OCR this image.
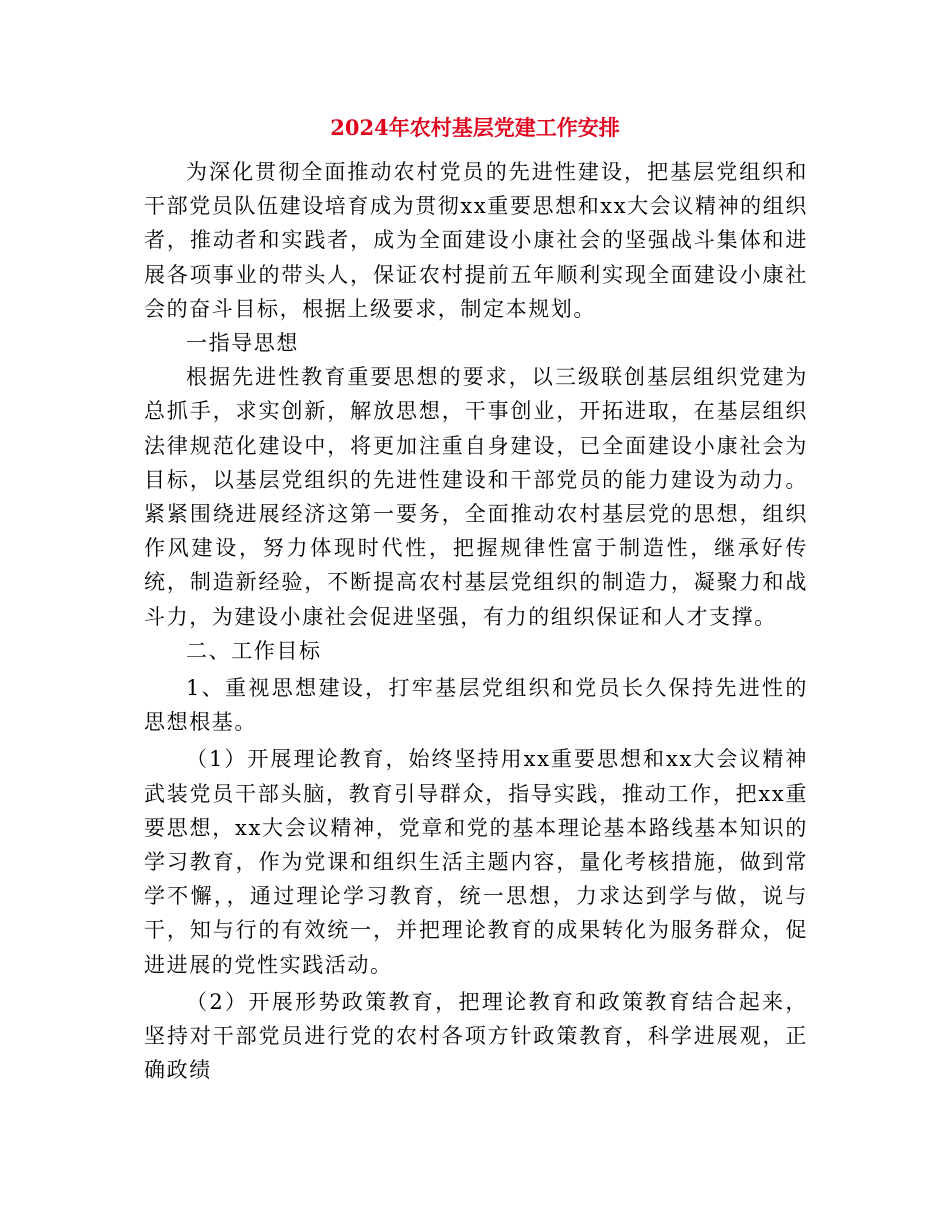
2024年农村基层党建工作安排

为深化贯彻全面推动农村党员的先进性建设，把基层党组织和干部党员队伍建设培育成为贯彻xx重要思想和xx大会议精神的组织者，推动者和实践者，成为全面建设小康社会的坚强战斗集体和进展各项事业的带头人，保证农村提前五年顺利实现全面建设小康社会的奋斗目标，根据上级要求，制定本规划。

一指导思想

根据先进性教育重要思想的要求，以三级联创基层组织党建为总抓手，求实创新，解放思想，干事创业，开拓进取，在基层组织法律规范化建设中，将更加注重自身建设，已全面建设小康社会为目标，以基层党组织的先进性建设和干部党员的能力建设为动力。紧紧围绕进展经济这第一要务，全面推动农村基层党的思想，组织作风建设，努力体现时代性，把握规律性富于制造性，继承好传统，制造新经验，不断提高农村基层党组织的制造力，凝聚力和战斗力，为建设小康社会促进坚强，有力的组织保证和人才支撑。

二、工作目标

1、重视思想建设，打牢基层党组织和党员长久保持先进性的思想根基。

（1）开展理论教育，始终坚持用xx重要思想和xx大会议精神武装党员干部头脑，教育引导群众，指导实践，推动工作，把xx重要思想，xx大会议精神，党章和党的基本理论基本路线基本知识的学习教育，作为党课和组织生活主题内容，量化考核措施，做到常学不懈，，通过理论学习教育，统一思想，力求达到学与做，说与干，知与行的有效统一，并把理论教育的成果转化为服务群众，促进进展的党性实践活动。

（2）开展形势政策教育，把理论教育和政策教育结合起来，坚持对干部党员进行党的农村各项方针政策教育，科学进展观，正确政绩
